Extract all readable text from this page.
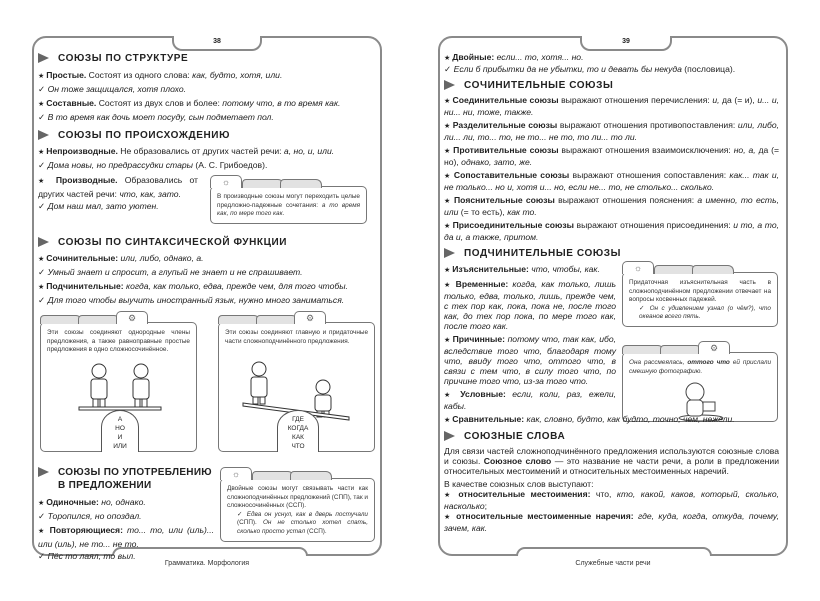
38
Грамматика. Морфология
СОЮЗЫ ПО СТРУКТУРЕ

★ Простые. Состоят из одного слова: как, будто, хотя, или.

✓ Он тоже защищался, хотя плохо.

★ Составные. Состоят из двух слов и более: потому что, в то время как.

✓ В то время как дочь моет посуду, сын подметает пол.

СОЮЗЫ ПО ПРОИСХОЖДЕНИЮ

★ Непроизводные. Не образовались от других частей речи: а, но, и, или.

✓ Дома новы, но предрассудки стары (А. С. Грибоедов).

★ Производные. Образовались от других частей речи: что, как, зато.

✓ Дом наш мал, зато уютен.

☼

В производные союзы могут переходить целые предложно-падежные сочетания: а то время как, по мере того как.

СОЮЗЫ ПО СИНТАКСИЧЕСКОЙ ФУНКЦИИ

★ Сочинительные: или, либо, однако, а.

✓ Умный знает и спросит, а глупый не знает и не спрашивает.

★ Подчинительные: когда, как только, едва, прежде чем, для того чтобы.

✓ Для того чтобы выучить иностранный язык, нужно много заниматься.

⚙

Эти союзы соединяют однородные члены предложения, а также равноправные простые предложения в одно сложносочинённое.

А
НО
И
ИЛИ
⚙

Эти союзы соединяют главную и придаточные части сложноподчинённого предложения.

ГДЕ
КОГДА
КАК
ЧТО
СОЮЗЫ ПО УПОТРЕБЛЕНИЮ В ПРЕДЛОЖЕНИИ

★ Одиночные: но, однако.

✓ Торопился, но опоздал.

★ Повторяющиеся: то... то, или (иль)... или (иль), не то... не то.

✓ Пёс то лаял, то выл.

☼

Двойные союзы могут связывать части как сложноподчинённых предложений (СПП), так и сложносочинённых (ССП).

✓ Едва он уснул, как в дверь постучали (СПП). Он не столько хотел спать, сколько просто устал (ССП).

39
Служебные части речи

★ Двойные: если... то, хотя... но.

✓ Если б прибытки да не убытки, то и девать бы некуда (пословица).

СОЧИНИТЕЛЬНЫЕ СОЮЗЫ

★ Соединительные союзы выражают отношения перечисления: и, да (= и), и... и, ни... ни, тоже, также.

★ Разделительные союзы выражают отношения противопоставления: или, либо, ли... ли, то... то, не то... не то, то ли... то ли.

★ Противительные союзы выражают отношения взаимоисключения: но, а, да (= но), однако, зато, же.

★ Сопоставительные союзы выражают отношения сопоставления: как... так и, не только... но и, хотя и... но, если не... то, не столько... сколько.

★ Пояснительные союзы выражают отношения пояснения: а именно, то есть, или (= то есть), как то.

★ Присоединительные союзы выражают отношения присоединения: и то, а то, да и, а также, притом.

ПОДЧИНИТЕЛЬНЫЕ СОЮЗЫ

★ Изъяснительные: что, чтобы, как.

★ Временные: когда, как только, лишь только, едва, только, лишь, прежде чем, с тех пор как, пока, пока не, после того как, до тех пор пока, по мере того как, после того как.

★ Причинные: потому что, так как, ибо, вследствие того что, благодаря тому что, ввиду того что, оттого что, в связи с тем что, в силу того что, по причине того что, из-за того что.

★ Условные: если, коли, раз, ежели, кабы.

☼

Придаточная изъяснительная часть в сложноподчинённом предложении отвечает на вопросы косвенных падежей.

✓ Он с удивлением узнал (о чём?), что океанов всего пять.

⚙

Она рассмеялась, оттого что ей прислали смешную фотографию.

★ Сравнительные: как, словно, будто, как будто, точно, чем, нежели.

СОЮЗНЫЕ СЛОВА

Для связи частей сложноподчинённого предложения используются союзные слова и союзы. Союзное слово — это название не части речи, а роли в предложении относительных местоимений и относительных местоименных наречий.

В качестве союзных слов выступают:

★ относительные местоимения: что, кто, какой, каков, который, сколько, насколько;

★ относительные местоименные наречия: где, куда, когда, откуда, почему, зачем, как.
